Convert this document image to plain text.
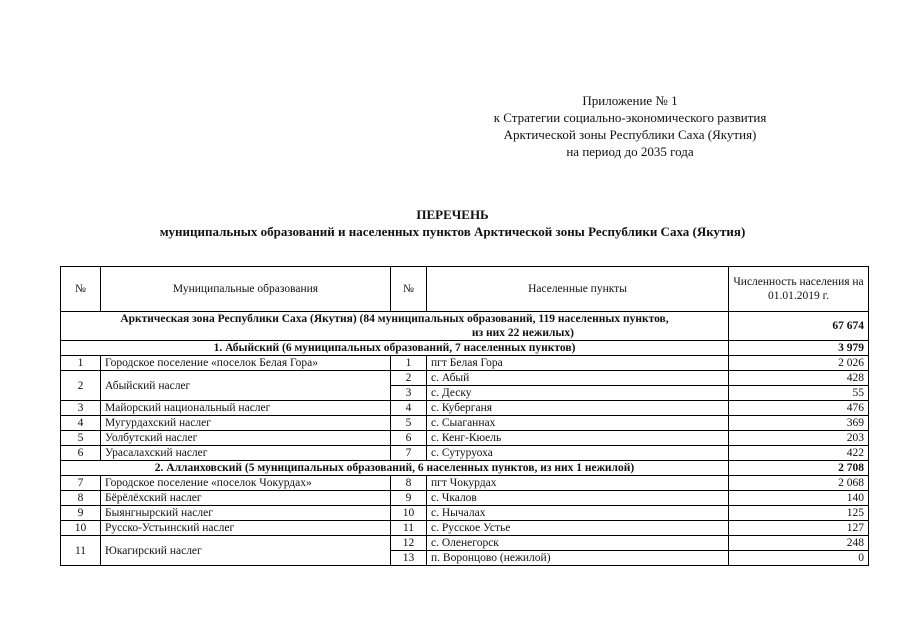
Приложение № 1
к Стратегии социально-экономического развития
Арктической зоны Республики Саха (Якутия)
на период до 2035 года
ПЕРЕЧЕНЬ
муниципальных образований и населенных пунктов Арктической зоны Республики Саха (Якутия)
№	Муниципальные образования	№	Населенные пункты	Численность населения на 01.01.2019 г.

Арктическая зона Республики Саха (Якутия) (84 муниципальных образований, 119 населенных пунктов,
из них 22 нежилых)				67 674
1. Абыйский (6 муниципальных образований, 7 населенных пунктов)				3 979
1	Городское поселение «поселок Белая Гора»	1	пгт Белая Гора	2 026
2	Абыйский наслег	2	с. Абый	428
		3	с. Деску	55
3	Майорский национальный наслег	4	с. Куберганя	476
4	Мугурдахский наслег	5	с. Сыаганнах	369
5	Уолбутский наслег	6	с. Кенг-Кюель	203
6	Урасалахский наслег	7	с. Сутуруоха	422
2. Аллаиховский (5 муниципальных образований, 6 населенных пунктов, из них 1 нежилой)				2 708
7	Городское поселение «поселок Чокурдах»	8	пгт Чокурдах	2 068
8	Бёрёлёхский наслег	9	с. Чкалов	140
9	Быянгнырский наслег	10	с. Нычалах	125
10	Русско-Устьинский наслег	11	с. Русское Устье	127
11	Юкагирский наслег	12	с. Оленегорск	248
		13	п. Воронцово (нежилой)	0
